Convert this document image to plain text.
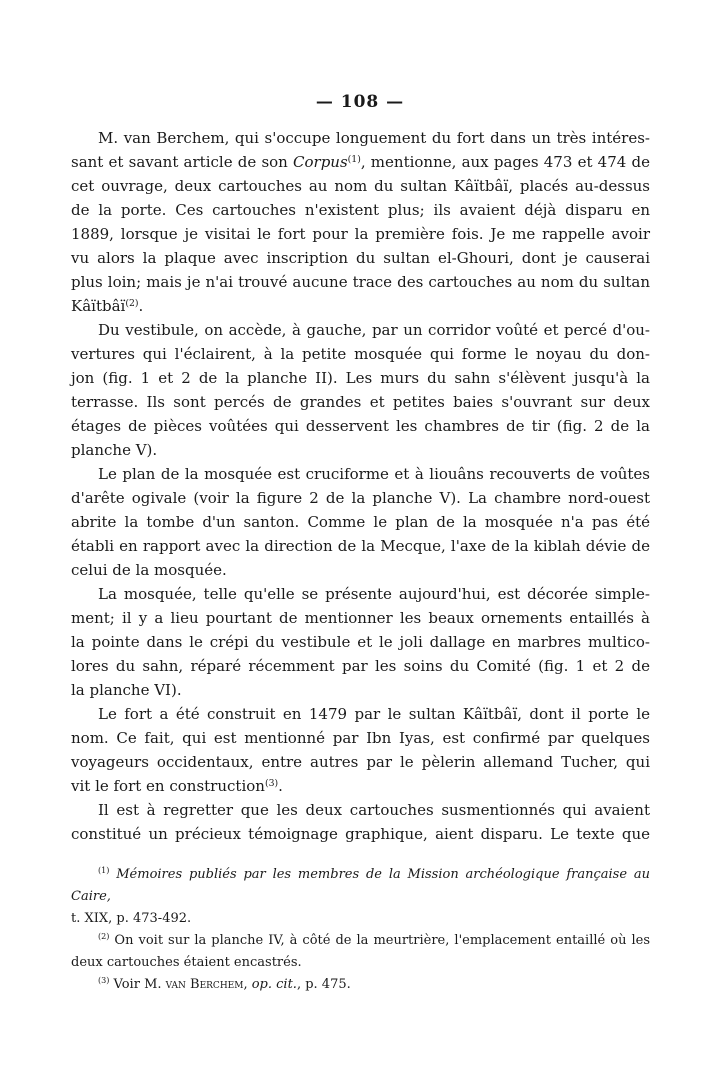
— 108 —
M. van Berchem, qui s'occupe longuement du fort dans un très intéres-
sant et savant article de son Corpus$^{(1)}$, mentionne, aux pages 473 et 474 de
cet ouvrage, deux cartouches au nom du sultan Kâïtbâï, placés au-dessus
de la porte. Ces cartouches n'existent plus; ils avaient déjà disparu en
1889, lorsque je visitai le fort pour la première fois. Je me rappelle avoir
vu alors la plaque avec inscription du sultan el-Ghouri, dont je causerai
plus loin; mais je n'ai trouvé aucune trace des cartouches au nom du sultan
Kâïtbâï$^{(2)}$.
Du vestibule, on accède, à gauche, par un corridor voûté et percé d'ou-
vertures qui l'éclairent, à la petite mosquée qui forme le noyau du don-
jon (fig. 1 et 2 de la planche II). Les murs du sahn s'élèvent jusqu'à la
terrasse. Ils sont percés de grandes et petites baies s'ouvrant sur deux
étages de pièces voûtées qui desservent les chambres de tir (fig. 2 de la
planche V).
Le plan de la mosquée est cruciforme et à liouâns recouverts de voûtes
d'arête ogivale (voir la figure 2 de la planche V). La chambre nord-ouest
abrite la tombe d'un santon. Comme le plan de la mosquée n'a pas été
établi en rapport avec la direction de la Mecque, l'axe de la kiblah dévie de
celui de la mosquée.
La mosquée, telle qu'elle se présente aujourd'hui, est décorée simple-
ment; il y a lieu pourtant de mentionner les beaux ornements entaillés à
la pointe dans le crépi du vestibule et le joli dallage en marbres multico-
lores du sahn, réparé récemment par les soins du Comité (fig. 1 et 2 de
la planche VI).
Le fort a été construit en 1479 par le sultan Kâïtbâï, dont il porte le
nom. Ce fait, qui est mentionné par Ibn Iyas, est confirmé par quelques
voyageurs occidentaux, entre autres par le pèlerin allemand Tucher, qui
vit le fort en construction$^{(3)}$.
Il est à regretter que les deux cartouches susmentionnés qui avaient
constitué un précieux témoignage graphique, aient disparu. Le texte que
$^{(1)}$ Mémoires publiés par les membres de la Mission archéologique française au Caire,
t. XIX, p. 473-492.
$^{(2)}$ On voit sur la planche IV, à côté de la meurtrière, l'emplacement entaillé où les
deux cartouches étaient encastrés.
$^{(3)}$ Voir M. van Berchem, op. cit., p. 475.
